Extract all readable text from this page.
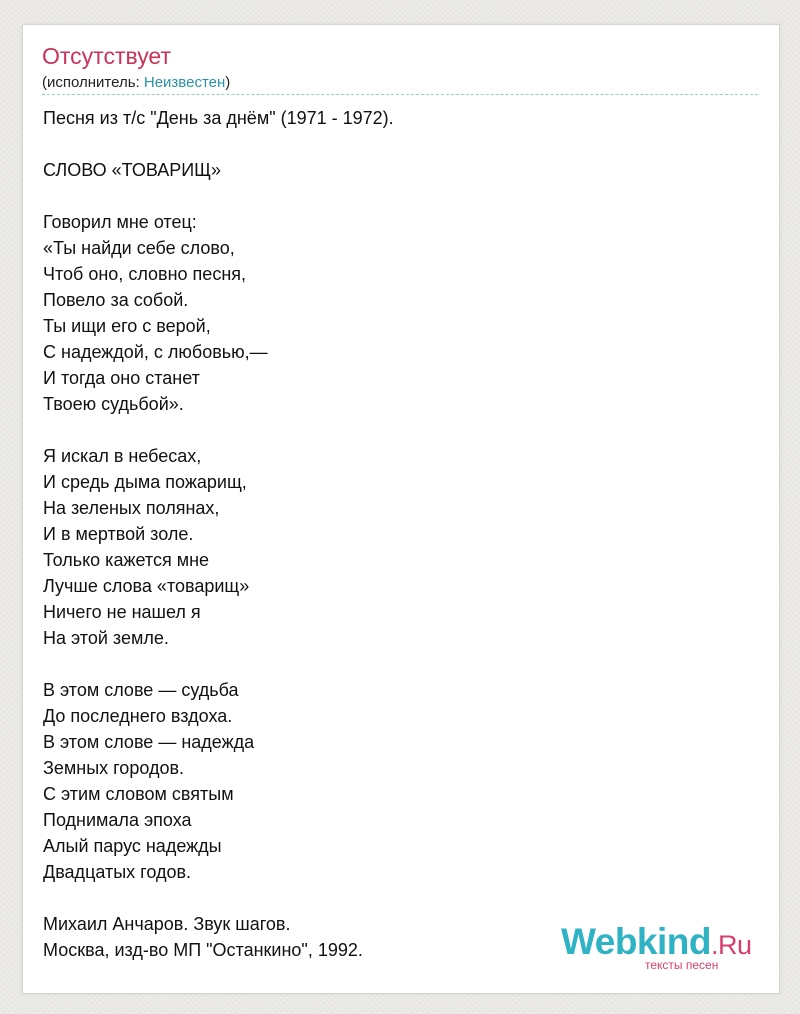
Отсутствует
(исполнитель: Неизвестен)
Песня из т/с "День за днём" (1971 - 1972).

СЛОВО «ТОВАРИЩ»

Говорил мне отец:
«Ты найди себе слово,
Чтоб оно, словно песня,
Повело за собой.
Ты ищи его с верой,
С надеждой, с любовью,—
И тогда оно станет
Твоею судьбой».

Я искал в небесах,
И средь дыма пожарищ,
На зеленых полянах,
И в мертвой золе.
Только кажется мне
Лучше слова «товарищ»
Ничего не нашел я
На этой земле.

В этом слове — судьба
До последнего вздоха.
В этом слове — надежда
Земных городов.
С этим словом святым
Поднимала эпоха
Алый парус надежды
Двадцатых годов.

Михаил Анчаров. Звук шагов.
Москва, изд-во МП "Останкино", 1992.	Webkind.Ru
тексты песен
